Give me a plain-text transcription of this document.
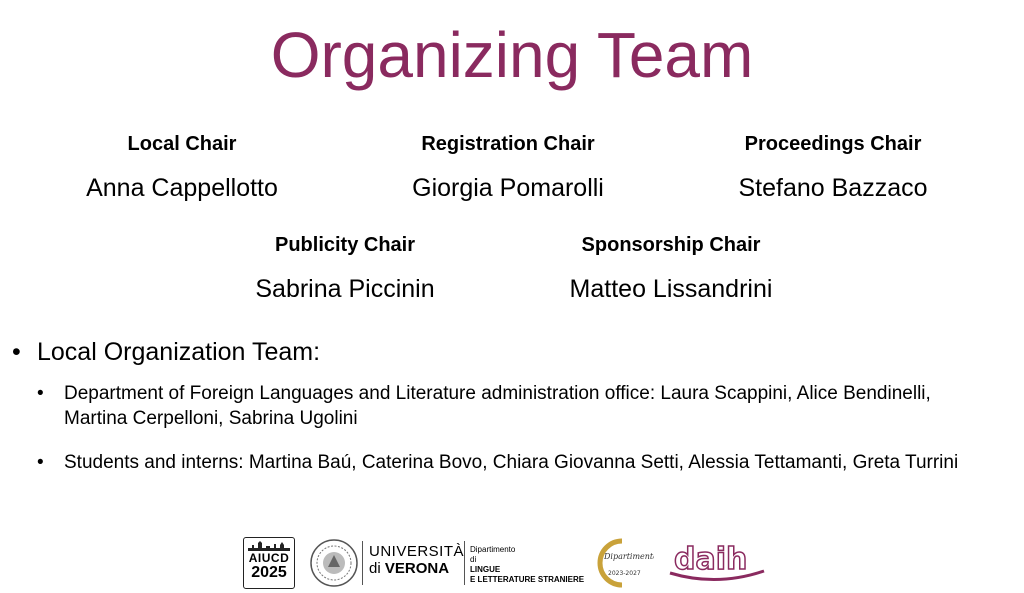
Organizing Team
Local Chair
Anna Cappellotto
Registration Chair
Giorgia Pomarolli
Proceedings Chair
Stefano Bazzaco
Publicity Chair
Sabrina Piccinin
Sponsorship Chair
Matteo Lissandrini
• Local Organization Team:
• Department of Foreign Languages and Literature administration office: Laura Scappini, Alice Bendinelli, Martina Cerpelloni, Sabrina Ugolini
• Students and interns: Martina Baú, Caterina Bovo, Chiara Giovanna Setti, Alessia Tettamanti, Greta Turrini
AIUCD
2025
UNIVERSITÀ
di VERONA
Dipartimento
di
LINGUE
E LETTERATURE STRANIERE
Dipartimento
2023-2027 daih
